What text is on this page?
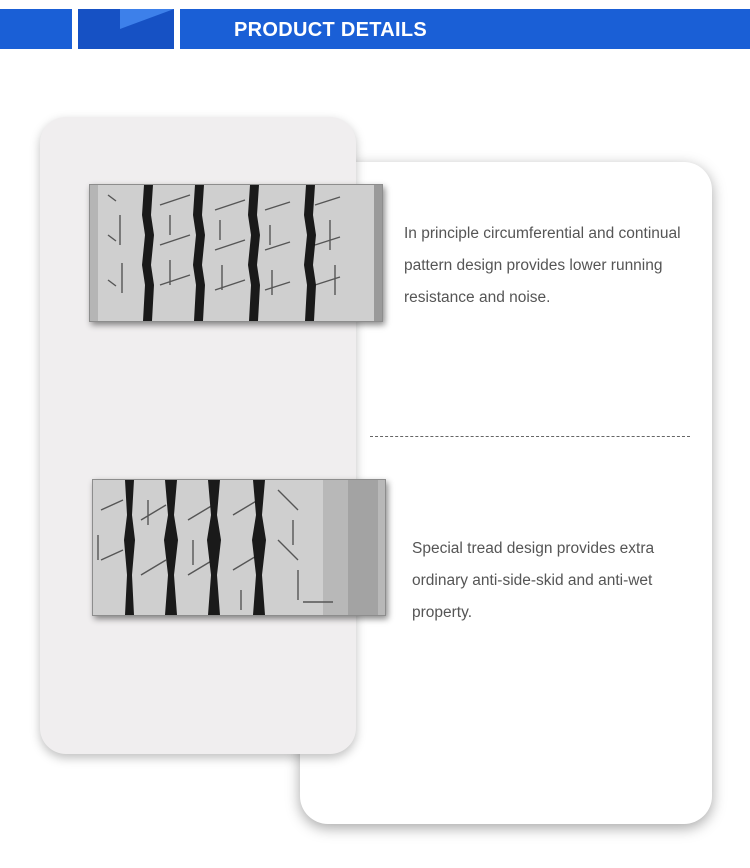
PRODUCT DETAILS
In principle circumferential and continual pattern design provides lower running resistance and noise.
Special tread design provides extra ordinary anti-side-skid and anti-wet property.
